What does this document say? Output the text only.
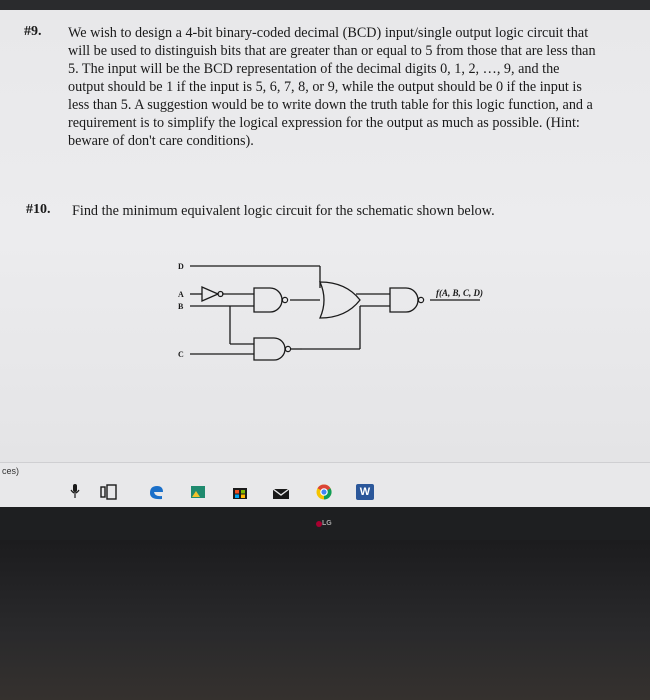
#9. We wish to design a 4-bit binary-coded decimal (BCD) input/single output logic circuit that
will be used to distinguish bits that are greater than or equal to 5 from those that are less than
5. The input will be the BCD representation of the decimal digits 0, 1, 2, …, 9, and the
output should be 1 if the input is 5, 6, 7, 8, or 9, while the output should be 0 if the input is
less than 5. A suggestion would be to write down the truth table for this logic function, and a
requirement is to simplify the logical expression for the output as much as possible. (Hint:
beware of don't care conditions).
#10. Find the minimum equivalent logic circuit for the schematic shown below.
D
A
B
C
f(A, B, C, D)
ces)
W
LG
